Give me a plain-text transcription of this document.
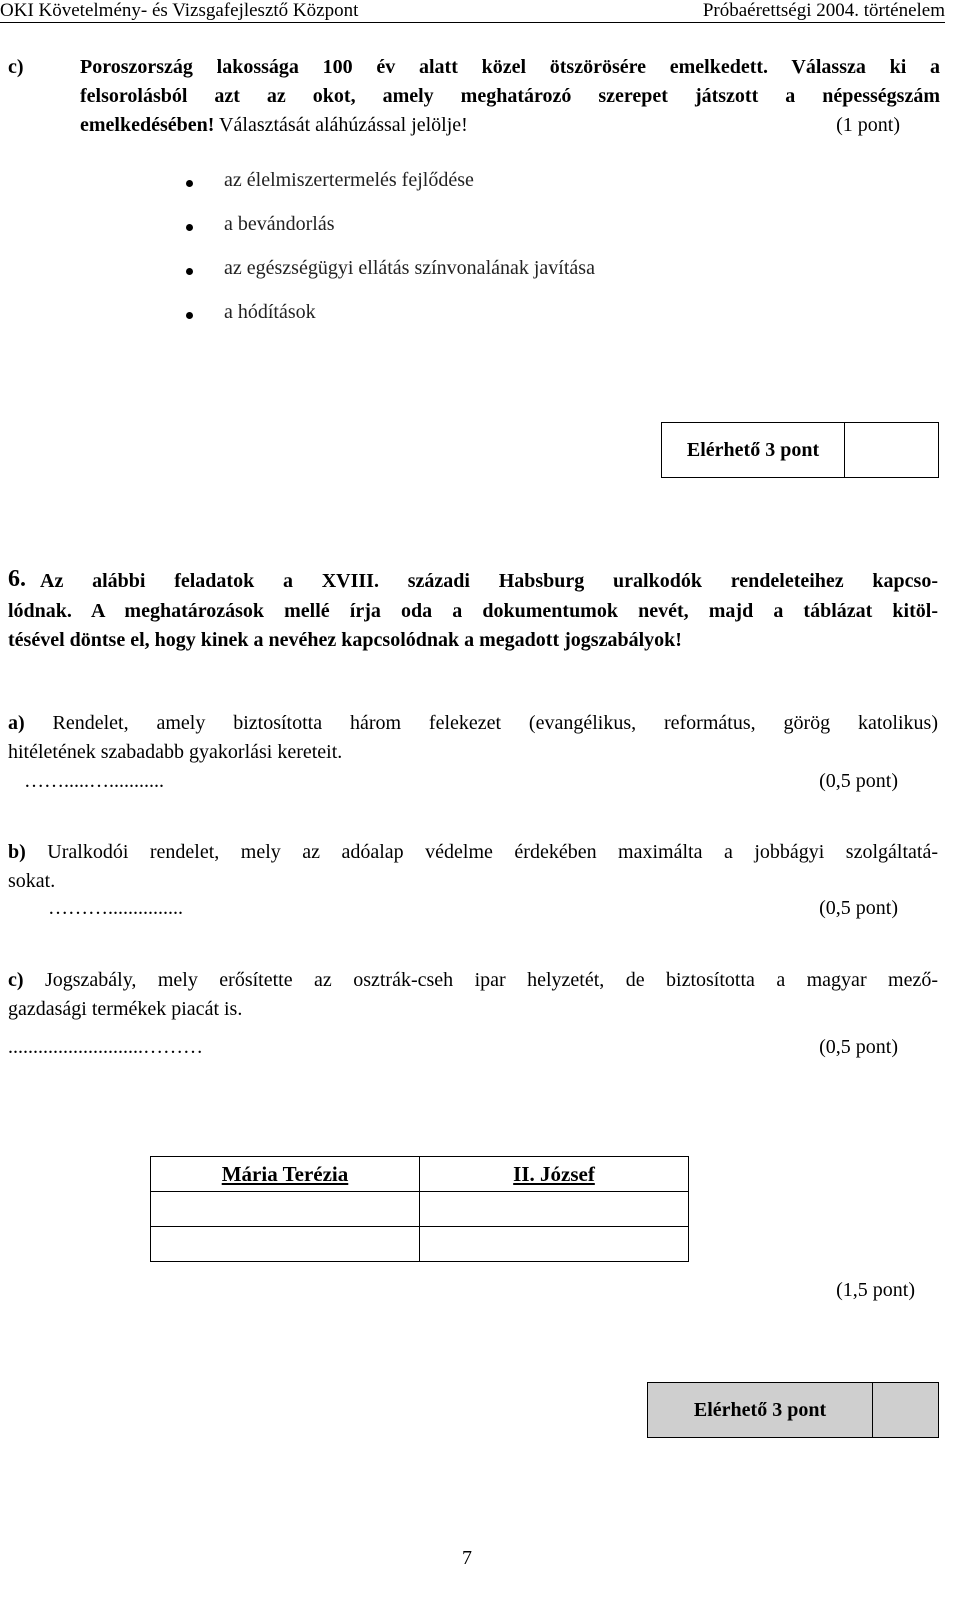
OKI Követelmény- és Vizsgafejlesztő Központ	Próbaérettségi 2004. történelem
c)	Poroszország lakossága 100 év alatt közel ötszörösére emelkedett. Válassza ki a
felsorolásból azt az okot, amely meghatározó szerepet játszott a népességszám
emelkedésében! Választását aláhúzással jelölje!	(1 pont)
az élelmiszertermelés fejlődése
a bevándorlás
az egészségügyi ellátás színvonalának javítása
a hódítások
Elérhető 3 pont
6. Az alábbi feladatok a XVIII. századi Habsburg uralkodók rendeleteihez kapcso-
lódnak. A meghatározások mellé írja oda a dokumentumok nevét, majd a táblázat kitöl-
tésével döntse el, hogy kinek a nevéhez kapcsolódnak a megadott jogszabályok!
a) Rendelet, amely biztosította három felekezet (evangélikus, református, görög katolikus)
hitéletének szabadabb gyakorlási kereteit.
…….....…...........	(0,5 pont)
b) Uralkodói rendelet, mely az adóalap védelme érdekében maximálta a jobbágyi szolgáltatá-
sokat.
………...............	(0,5 pont)
c) Jogszabály, mely erősítette az osztrák-cseh ipar helyzetét, de biztosította a magyar mező-
gazdasági termékek piacát is.
...........................………	(0,5 pont)
Mária Terézia	II. József

(1,5 pont)
Elérhető 3 pont
7
